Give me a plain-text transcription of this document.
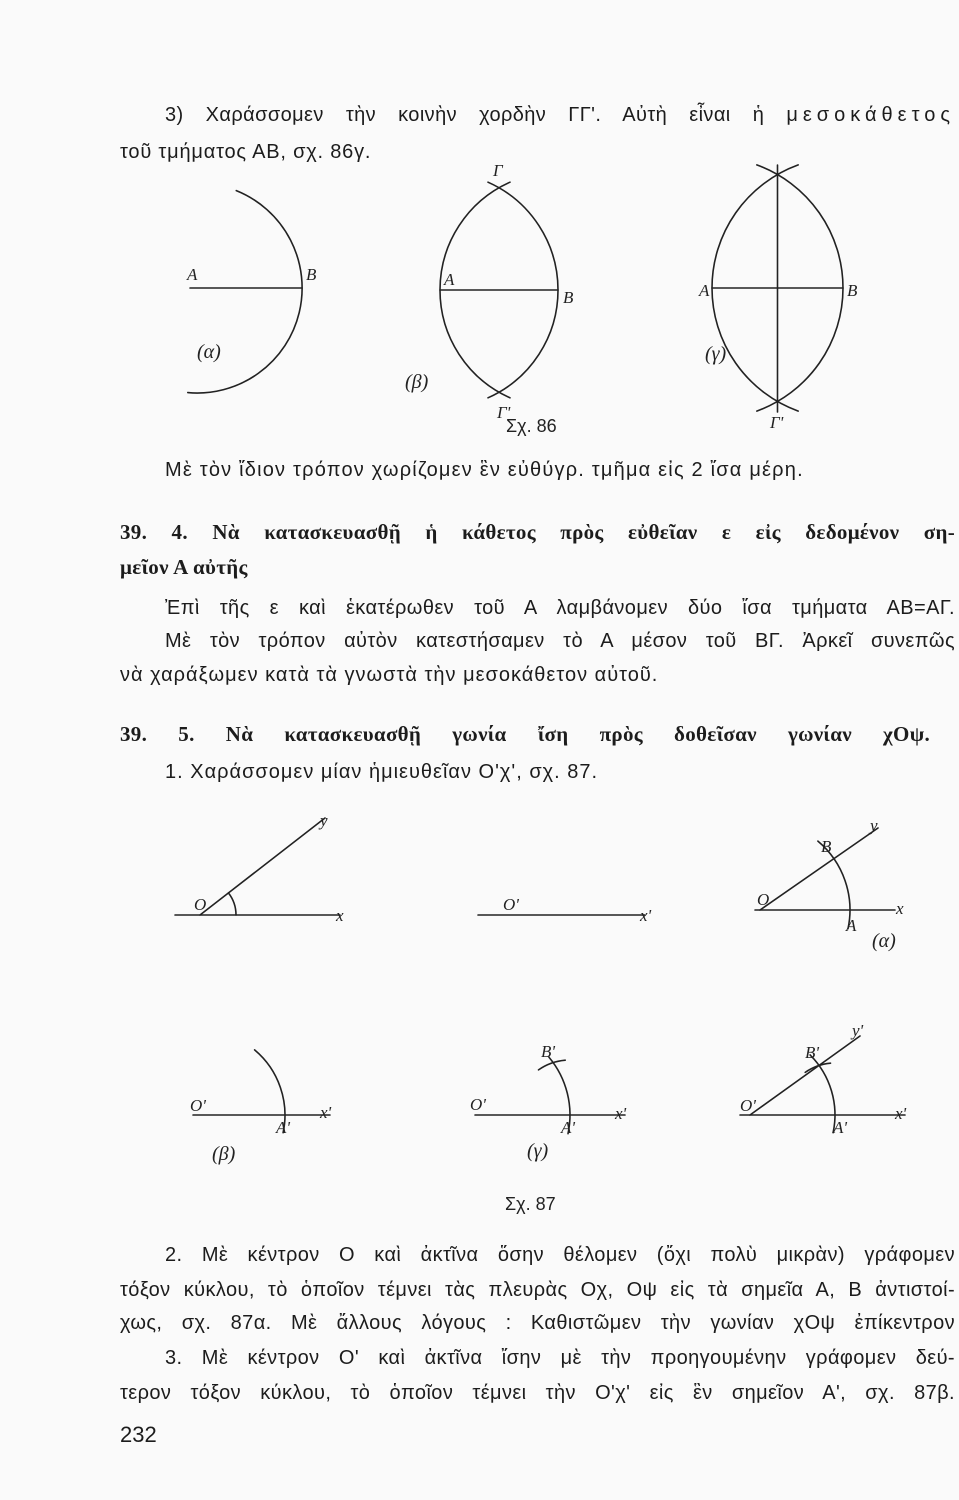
3) Χαράσσομεν τὴν κοινὴν χορδὴν ΓΓ'. Αὐτὴ εἶναι ἡ μεσοκάθετος
τοῦ τμήματος ΑΒ, σχ. 86γ.
Μὲ τὸν ἴδιον τρόπον χωρίζομεν ἓν εὐθύγρ. τμῆμα εἰς 2 ἴσα μέρη.
39. 4. Νὰ κατασκευασθῇ ἡ κάθετος πρὸς εὐθεῖαν ε εἰς δεδομένον ση-
μεῖον Α αὐτῆς
Ἐπὶ τῆς ε καὶ ἑκατέρωθεν τοῦ Α λαμβάνομεν δύο ἴσα τμήματα ΑΒ=ΑΓ.
Μὲ τὸν τρόπον αὐτὸν κατεστήσαμεν τὸ Α μέσον τοῦ ΒΓ. Ἀρκεῖ συνεπῶς
νὰ χαράξωμεν κατὰ τὰ γνωστὰ τὴν μεσοκάθετον αὐτοῦ.
39. 5. Νὰ κατασκευασθῇ γωνία ἴση πρὸς δοθεῖσαν γωνίαν χΟψ.
1. Χαράσσομεν μίαν ἡμιευθεῖαν Ο'χ', σχ. 87.
2. Μὲ κέντρον Ο καὶ ἀκτῖνα ὅσην θέλομεν (ὄχι πολὺ μικρὰν) γράφομεν
τόξον κύκλου, τὸ ὁποῖον τέμνει τὰς πλευρὰς Οχ, Οψ εἰς τὰ σημεῖα Α, Β ἀντιστοί-
χως, σχ. 87α. Μὲ ἄλλους λόγους : Καθιστῶμεν τὴν γωνίαν χΟψ ἐπίκεντρον
3. Μὲ κέντρον Ο' καὶ ἀκτῖνα ἴσην μὲ τὴν προηγουμένην γράφομεν δεύ-
τερον τόξον κύκλου, τὸ ὁποῖον τέμνει τὴν Ο'χ' εἰς ἓν σημεῖον Α', σχ. 87β.
232
Α	Β
(α)
Γ
Α
Β
(β)
Γ'
Α	Β
(γ)
Γ'
Σχ. 86
O
x
y
O'
x'
O
B
A
x
y
(α)
O'
A'
x'
(β)
O'
B'
A'
x'
(γ)
O'
B'
A'
x'
y'
Σχ. 87
